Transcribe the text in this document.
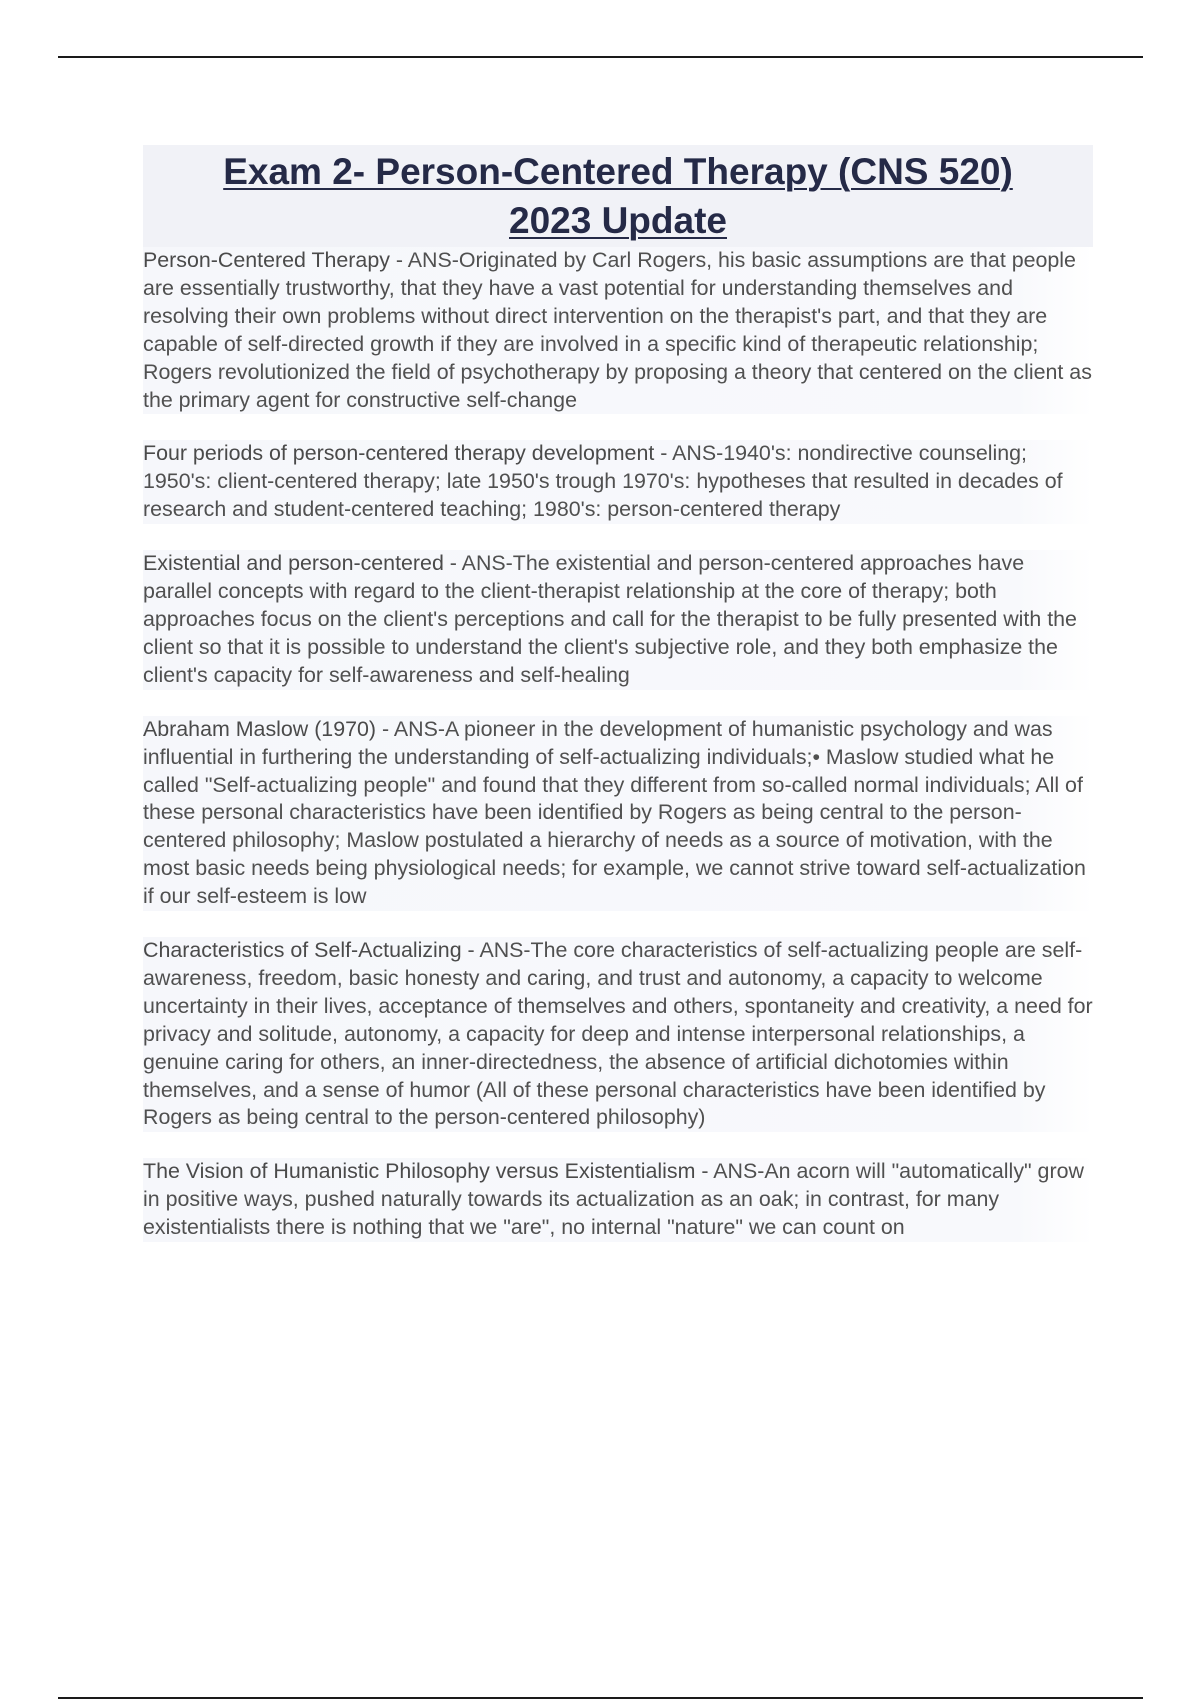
Exam 2- Person-Centered Therapy (CNS 520)
2023 Update

Person-Centered Therapy - ANS-Originated by Carl Rogers, his basic assumptions are that people are essentially trustworthy, that they have a vast potential for understanding themselves and resolving their own problems without direct intervention on the therapist's part, and that they are capable of self-directed growth if they are involved in a specific kind of therapeutic relationship; Rogers revolutionized the field of psychotherapy by proposing a theory that centered on the client as the primary agent for constructive self-change

Four periods of person-centered therapy development - ANS-1940's: nondirective counseling; 1950's: client-centered therapy; late 1950's trough 1970's: hypotheses that resulted in decades of research and student-centered teaching; 1980's: person-centered therapy

Existential and person-centered - ANS-The existential and person-centered approaches have parallel concepts with regard to the client-therapist relationship at the core of therapy; both approaches focus on the client's perceptions and call for the therapist to be fully presented with the client so that it is possible to understand the client's subjective role, and they both emphasize the client's capacity for self-awareness and self-healing

Abraham Maslow (1970) - ANS-A pioneer in the development of humanistic psychology and was influential in furthering the understanding of self-actualizing individuals;• Maslow studied what he called "Self-actualizing people" and found that they different from so-called normal individuals; All of these personal characteristics have been identified by Rogers as being central to the person-centered philosophy; Maslow postulated a hierarchy of needs as a source of motivation, with the most basic needs being physiological needs; for example, we cannot strive toward self-actualization if our self-esteem is low

Characteristics of Self-Actualizing - ANS-The core characteristics of self-actualizing people are self-awareness, freedom, basic honesty and caring, and trust and autonomy, a capacity to welcome uncertainty in their lives, acceptance of themselves and others, spontaneity and creativity, a need for privacy and solitude, autonomy, a capacity for deep and intense interpersonal relationships, a genuine caring for others, an inner-directedness, the absence of artificial dichotomies within themselves, and a sense of humor (All of these personal characteristics have been identified by Rogers as being central to the person-centered philosophy)

The Vision of Humanistic Philosophy versus Existentialism - ANS-An acorn will "automatically" grow in positive ways, pushed naturally towards its actualization as an oak; in contrast, for many existentialists there is nothing that we "are", no internal "nature" we can count on
